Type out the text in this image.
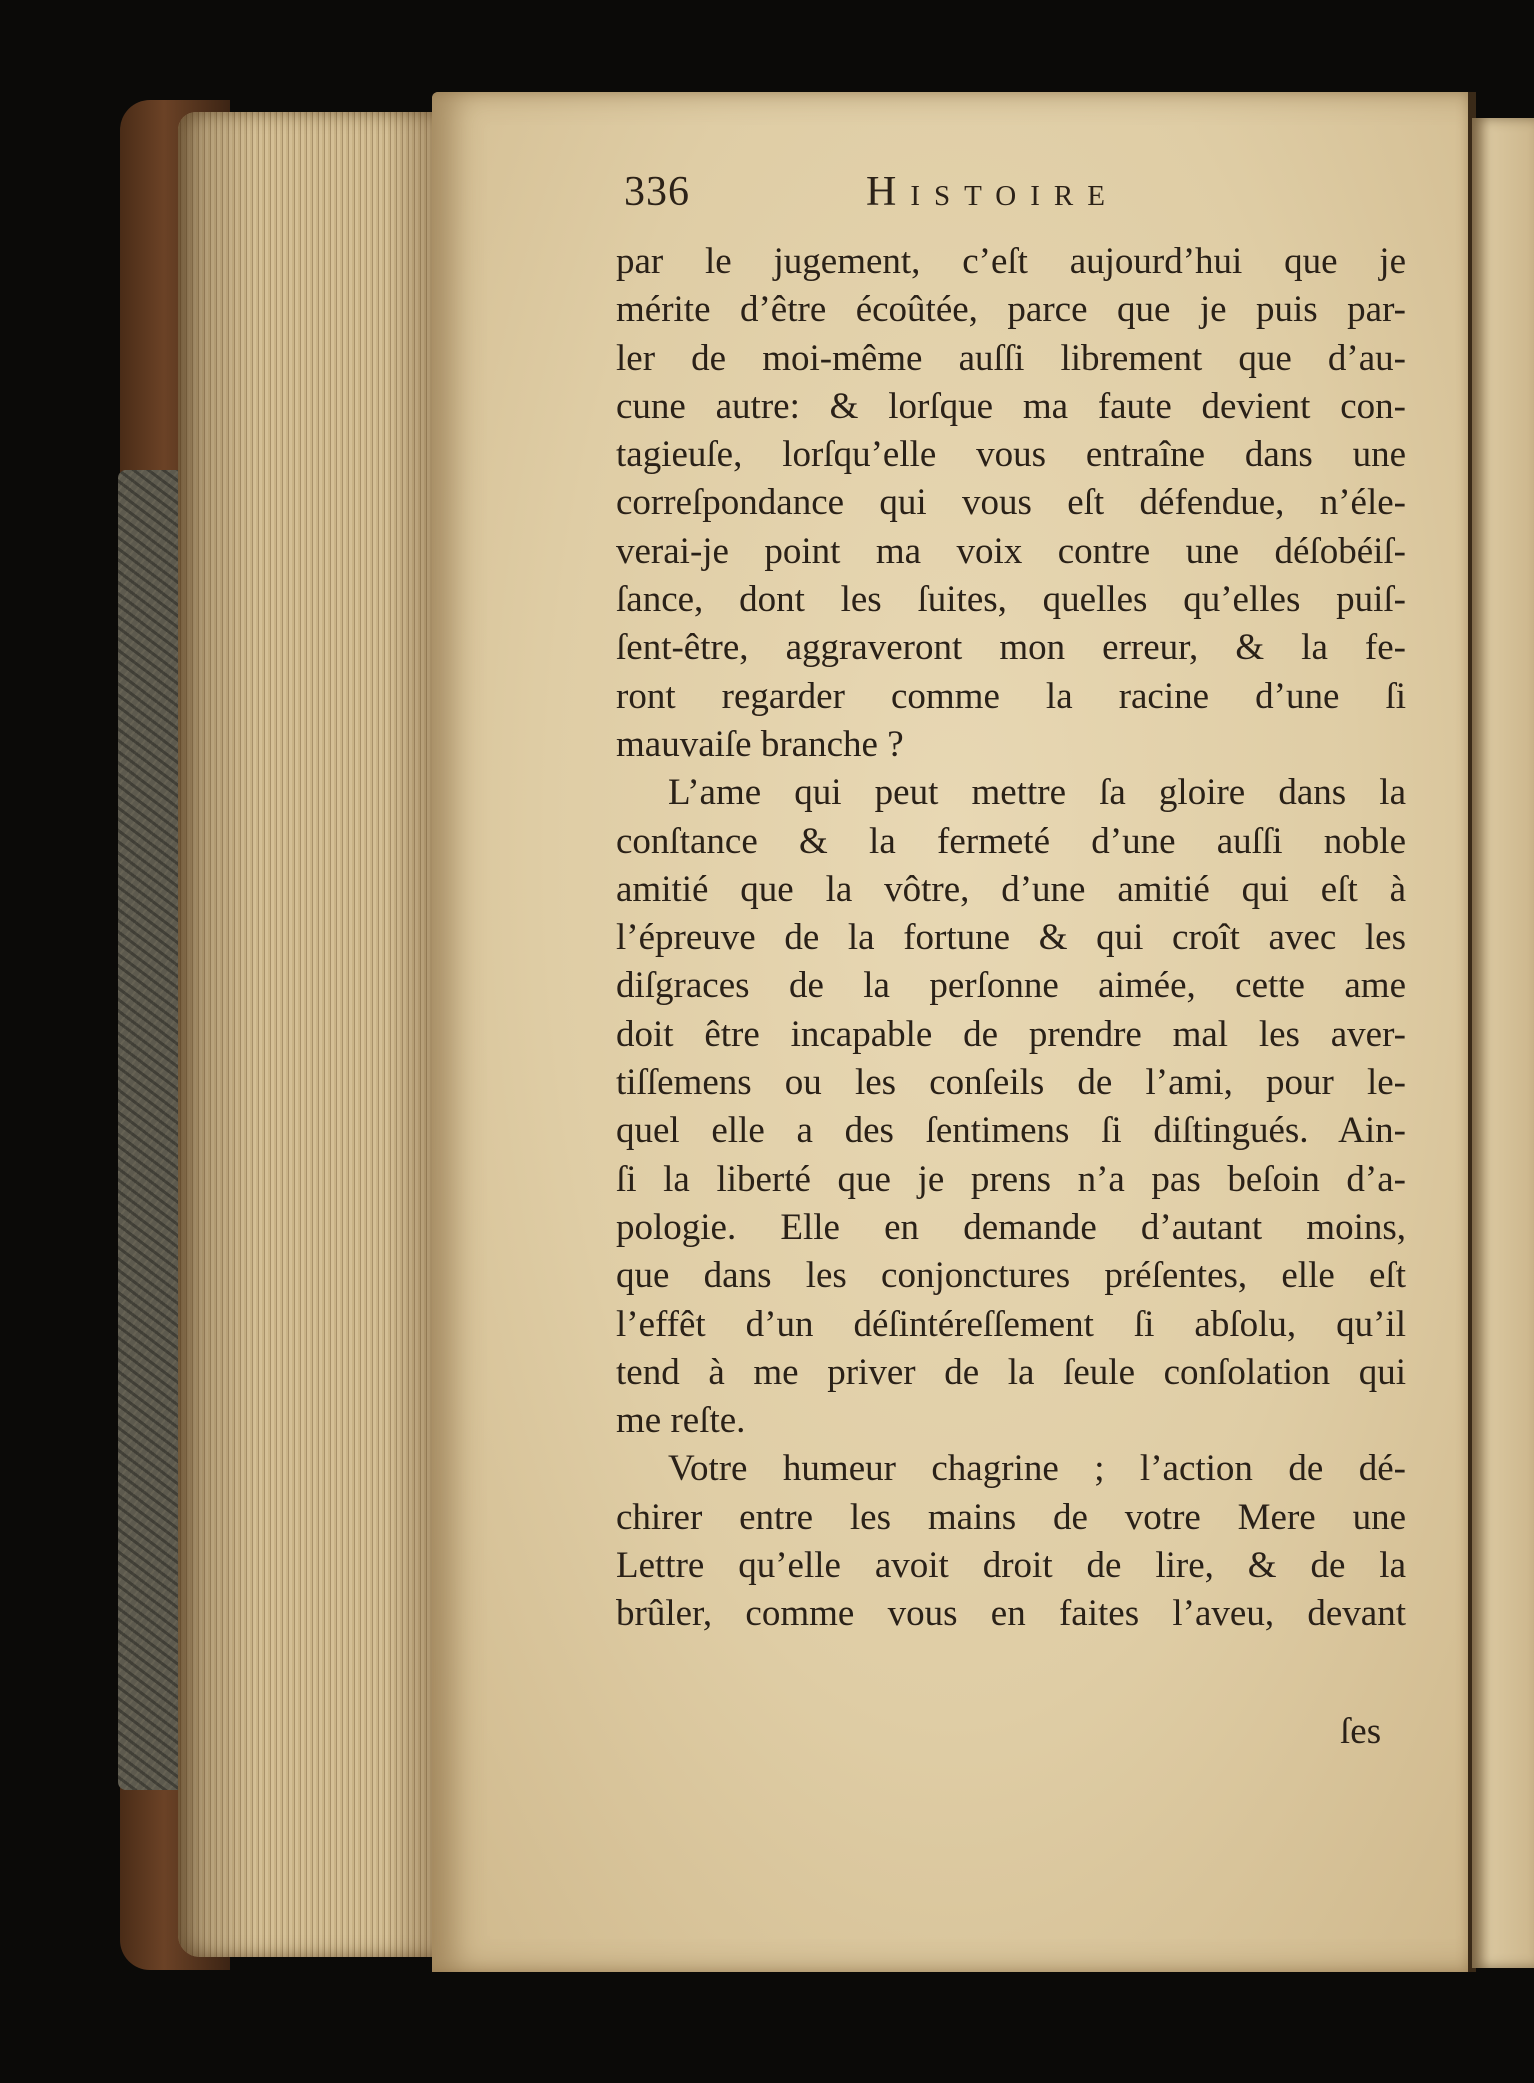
336	Histoire
par le jugement, c’eſt aujourd’hui que je
mérite d’être écoûtée, parce que je puis par-
ler de moi-même auſſi librement que d’au-
cune autre: & lorſque ma faute devient con-
tagieuſe, lorſqu’elle vous entraîne dans une
correſpondance qui vous eſt défendue, n’éle-
verai-je point ma voix contre une déſobéiſ-
ſance, dont les ſuites, quelles qu’elles puiſ-
ſent-être, aggraveront mon erreur, & la fe-
ront regarder comme la racine d’une ſi
mauvaiſe branche ?
L’ame qui peut mettre ſa gloire dans la
conſtance & la fermeté d’une auſſi noble
amitié que la vôtre, d’une amitié qui eſt à
l’épreuve de la fortune & qui croît avec les
diſgraces de la perſonne aimée, cette ame
doit être incapable de prendre mal les aver-
tiſſemens ou les conſeils de l’ami, pour le-
quel elle a des ſentimens ſi diſtingués. Ain-
ſi la liberté que je prens n’a pas beſoin d’a-
pologie. Elle en demande d’autant moins,
que dans les conjonctures préſentes, elle eſt
l’effêt d’un déſintéreſſement ſi abſolu, qu’il
tend à me priver de la ſeule conſolation qui
me reſte.
Votre humeur chagrine ; l’action de dé-
chirer entre les mains de votre Mere une
Lettre qu’elle avoit droit de lire, & de la
brûler, comme vous en faites l’aveu, devant
ſes
